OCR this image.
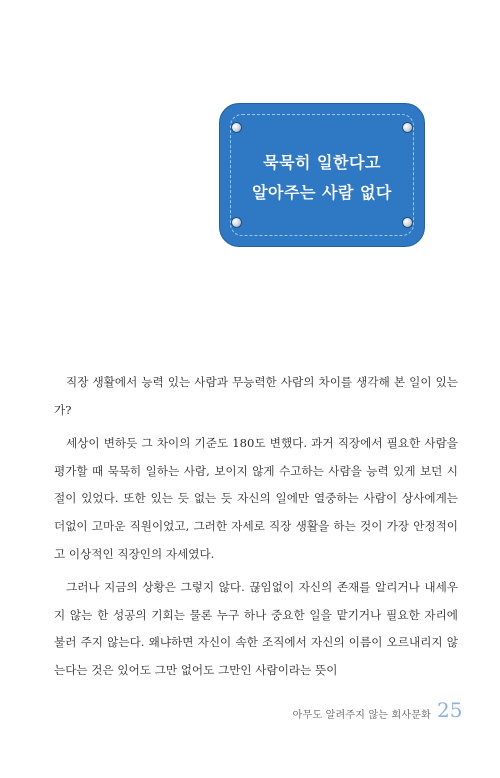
묵묵히 일한다고
알아주는 사람 없다

직장 생활에서 능력 있는 사람과 무능력한 사람의 차이를 생각해 본 일이 있는가?

세상이 변하듯 그 차이의 기준도 180도 변했다. 과거 직장에서 필요한 사람을 평가할 때 묵묵히 일하는 사람, 보이지 않게 수고하는 사람을 능력 있게 보던 시절이 있었다. 또한 있는 듯 없는 듯 자신의 일에만 열중하는 사람이 상사에게는 더없이 고마운 직원이었고, 그러한 자세로 직장 생활을 하는 것이 가장 안정적이고 이상적인 직장인의 자세였다.

그러나 지금의 상황은 그렇지 않다. 끊임없이 자신의 존재를 알리거나 내세우지 않는 한 성공의 기회는 물론 누구 하나 중요한 일을 맡기거나 필요한 자리에 불러 주지 않는다. 왜냐하면 자신이 속한 조직에서 자신의 이름이 오르내리지 않는다는 것은 있어도 그만 없어도 그만인 사람이라는 뜻이

아무도 알려주지 않는 회사문화 25
